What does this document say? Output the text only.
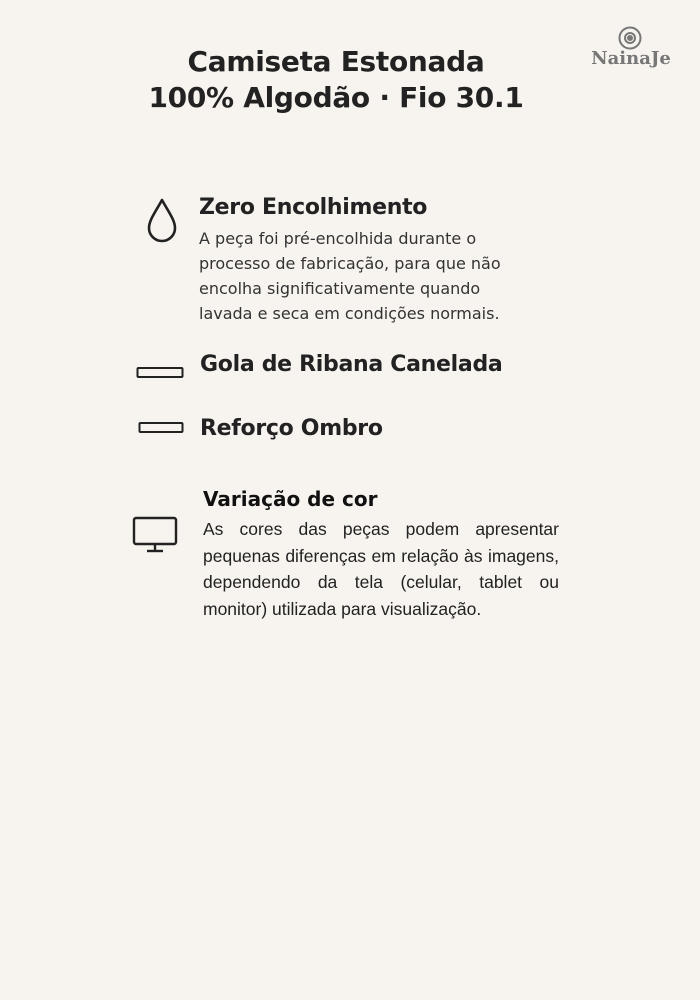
Camiseta Estonada
100% Algodão · Fio 30.1
NainaJe
Zero Encolhimento
A peça foi pré-encolhida durante o
processo de fabricação, para que não
encolha significativamente quando
lavada e seca em condições normais.
Gola de Ribana Canelada
Reforço Ombro
Variação de cor
As cores das peças podem apresentar pequenas diferenças em relação às imagens, dependendo da tela (celular, tablet ou monitor) utilizada para visualização.
